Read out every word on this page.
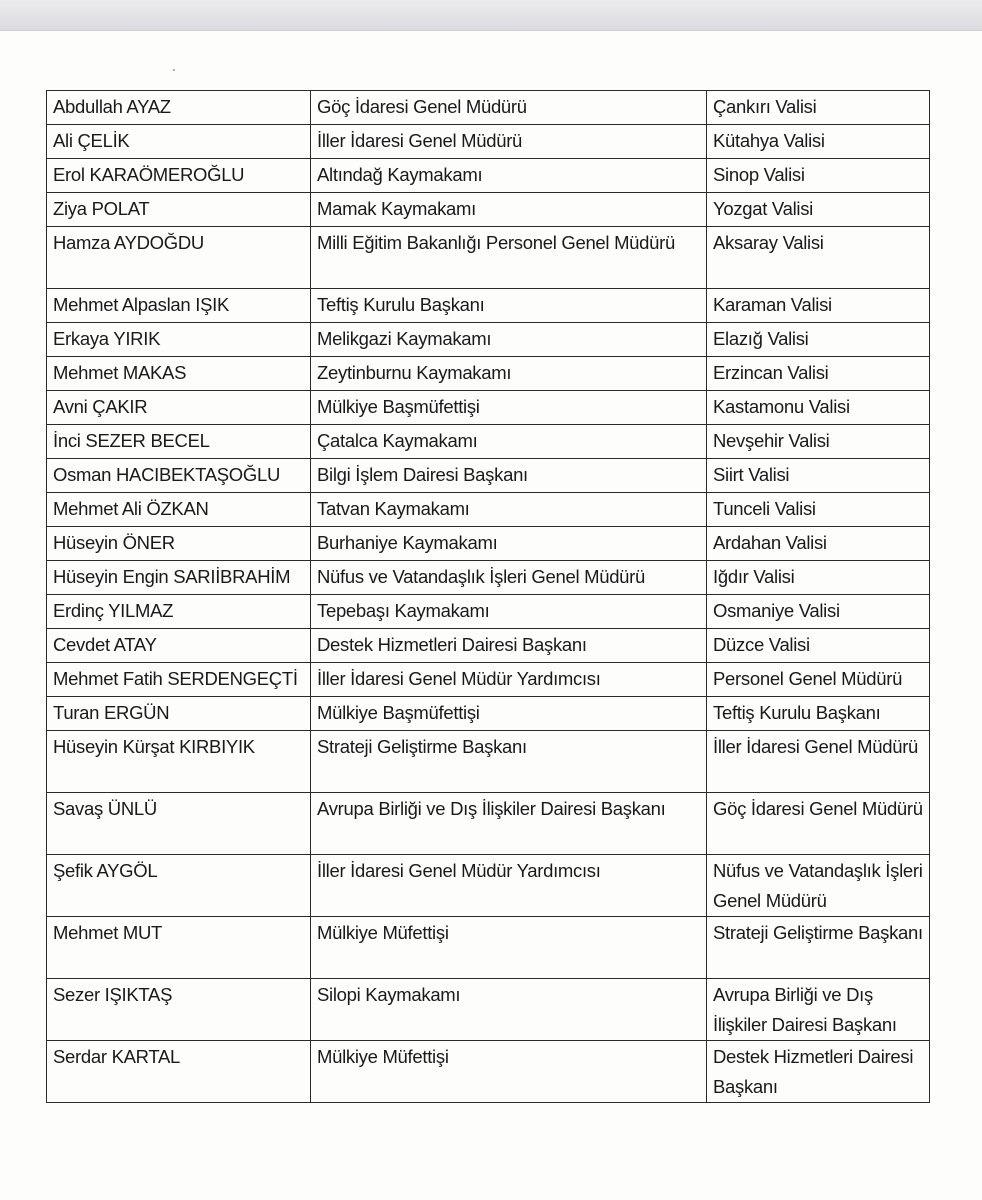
Abdullah AYAZ	Göç İdaresi Genel Müdürü	Çankırı Valisi
Ali ÇELİK	İller İdaresi Genel Müdürü	Kütahya Valisi
Erol KARAÖMEROĞLU	Altındağ Kaymakamı	Sinop Valisi
Ziya POLAT	Mamak Kaymakamı	Yozgat Valisi
Hamza AYDOĞDU	Milli Eğitim Bakanlığı Personel Genel Müdürü	Aksaray Valisi
Mehmet Alpaslan IŞIK	Teftiş Kurulu Başkanı	Karaman Valisi
Erkaya YIRIK	Melikgazi Kaymakamı	Elazığ Valisi
Mehmet MAKAS	Zeytinburnu Kaymakamı	Erzincan Valisi
Avni ÇAKIR	Mülkiye Başmüfettişi	Kastamonu Valisi
İnci SEZER BECEL	Çatalca Kaymakamı	Nevşehir Valisi
Osman HACIBEKTAŞOĞLU	Bilgi İşlem Dairesi Başkanı	Siirt Valisi
Mehmet Ali ÖZKAN	Tatvan Kaymakamı	Tunceli Valisi
Hüseyin ÖNER	Burhaniye Kaymakamı	Ardahan Valisi
Hüseyin Engin SARIİBRAHİM	Nüfus ve Vatandaşlık İşleri Genel Müdürü	Iğdır Valisi
Erdinç YILMAZ	Tepebaşı Kaymakamı	Osmaniye Valisi
Cevdet ATAY	Destek Hizmetleri Dairesi Başkanı	Düzce Valisi
Mehmet Fatih SERDENGEÇTİ	İller İdaresi Genel Müdür Yardımcısı	Personel Genel Müdürü
Turan ERGÜN	Mülkiye Başmüfettişi	Teftiş Kurulu Başkanı
Hüseyin Kürşat KIRBIYIK	Strateji Geliştirme Başkanı	İller İdaresi Genel Müdürü
Savaş ÜNLÜ	Avrupa Birliği ve Dış İlişkiler Dairesi Başkanı	Göç İdaresi Genel Müdürü
Şefik AYGÖL	İller İdaresi Genel Müdür Yardımcısı	Nüfus ve Vatandaşlık İşleri Genel Müdürü
Mehmet MUT	Mülkiye Müfettişi	Strateji Geliştirme Başkanı
Sezer IŞIKTAŞ	Silopi Kaymakamı	Avrupa Birliği ve Dış İlişkiler Dairesi Başkanı
Serdar KARTAL	Mülkiye Müfettişi	Destek Hizmetleri Dairesi Başkanı
